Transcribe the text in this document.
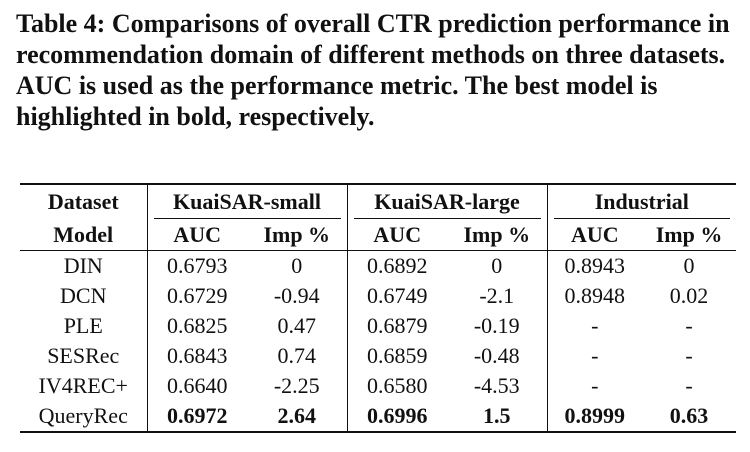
Table 4: Comparisons of overall CTR prediction performance in recommendation domain of different methods on three datasets. AUC is used as the performance metric. The best model is highlighted in bold, respectively.
Dataset	KuaiSAR-small		KuaiSAR-large		Industrial	

Model	AUC	Imp %	AUC	Imp %	AUC	Imp %
DIN	0.6793	0	0.6892	0	0.8943	0
DCN	0.6729	-0.94	0.6749	-2.1	0.8948	0.02
PLE	0.6825	0.47	0.6879	-0.19	-	-
SESRec	0.6843	0.74	0.6859	-0.48	-	-
IV4REC+	0.6640	-2.25	0.6580	-4.53	-	-
QueryRec	0.6972	2.64	0.6996	1.5	0.8999	0.63
